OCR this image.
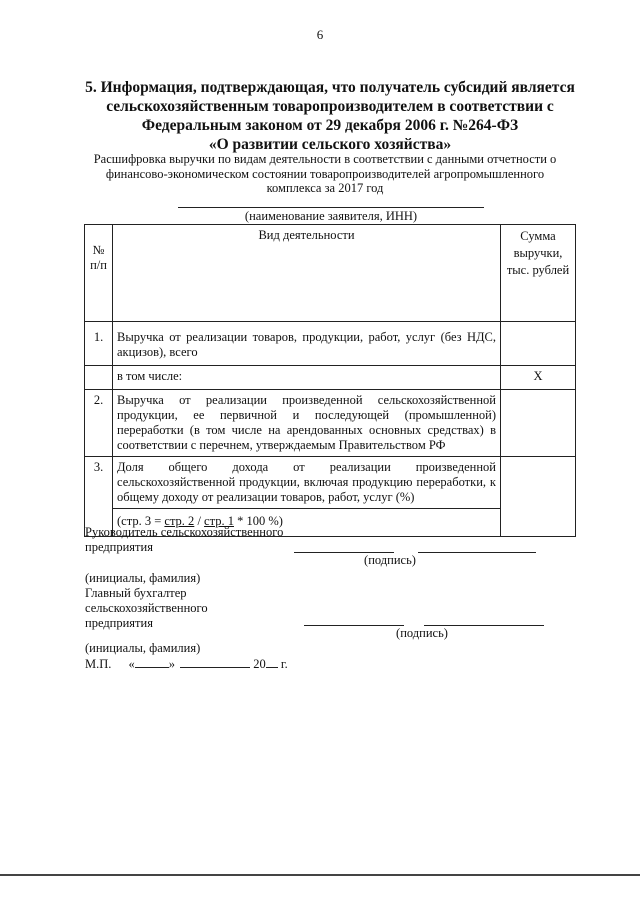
6
5. Информация, подтверждающая, что получатель субсидий является
сельскохозяйственным товаропроизводителем в соответствии с
Федеральным законом от 29 декабря 2006 г. №264-ФЗ
«О развитии сельского хозяйства»
Расшифровка выручки по видам деятельности в соответствии с данными отчетности о
финансово-экономическом состоянии товаропроизводителей агропромышленного
комплекса за 2017 год
(наименование заявителя, ИНН)
№ п/п	Вид деятельности	Сумма
выручки,
тыс. рублей

1.	Выручка от реализации товаров, продукции, работ, услуг (без НДС, акцизов), всего	
	в том числе:	X
2.	Выручка от реализации произведенной сельскохозяйственной продукции, ее первичной и последующей (промышленной) переработки (в том числе на арендованных основных средствах) в соответствии с перечнем, утверждаемым Правительством РФ	
3.	Доля общего дохода от реализации произведенной сельскохозяйственной продукции, включая продукцию переработки, к общему доходу от реализации товаров, работ, услуг (%)	
	(стр. 3 = стр. 2 / стр. 1 * 100 %)	
Руководитель сельскохозяйственного
предприятия
(подпись)
(инициалы, фамилия)
Главный бухгалтер
сельскохозяйственного
предприятия
(подпись)
(инициалы, фамилия)
М.П. «	»	20 г.
